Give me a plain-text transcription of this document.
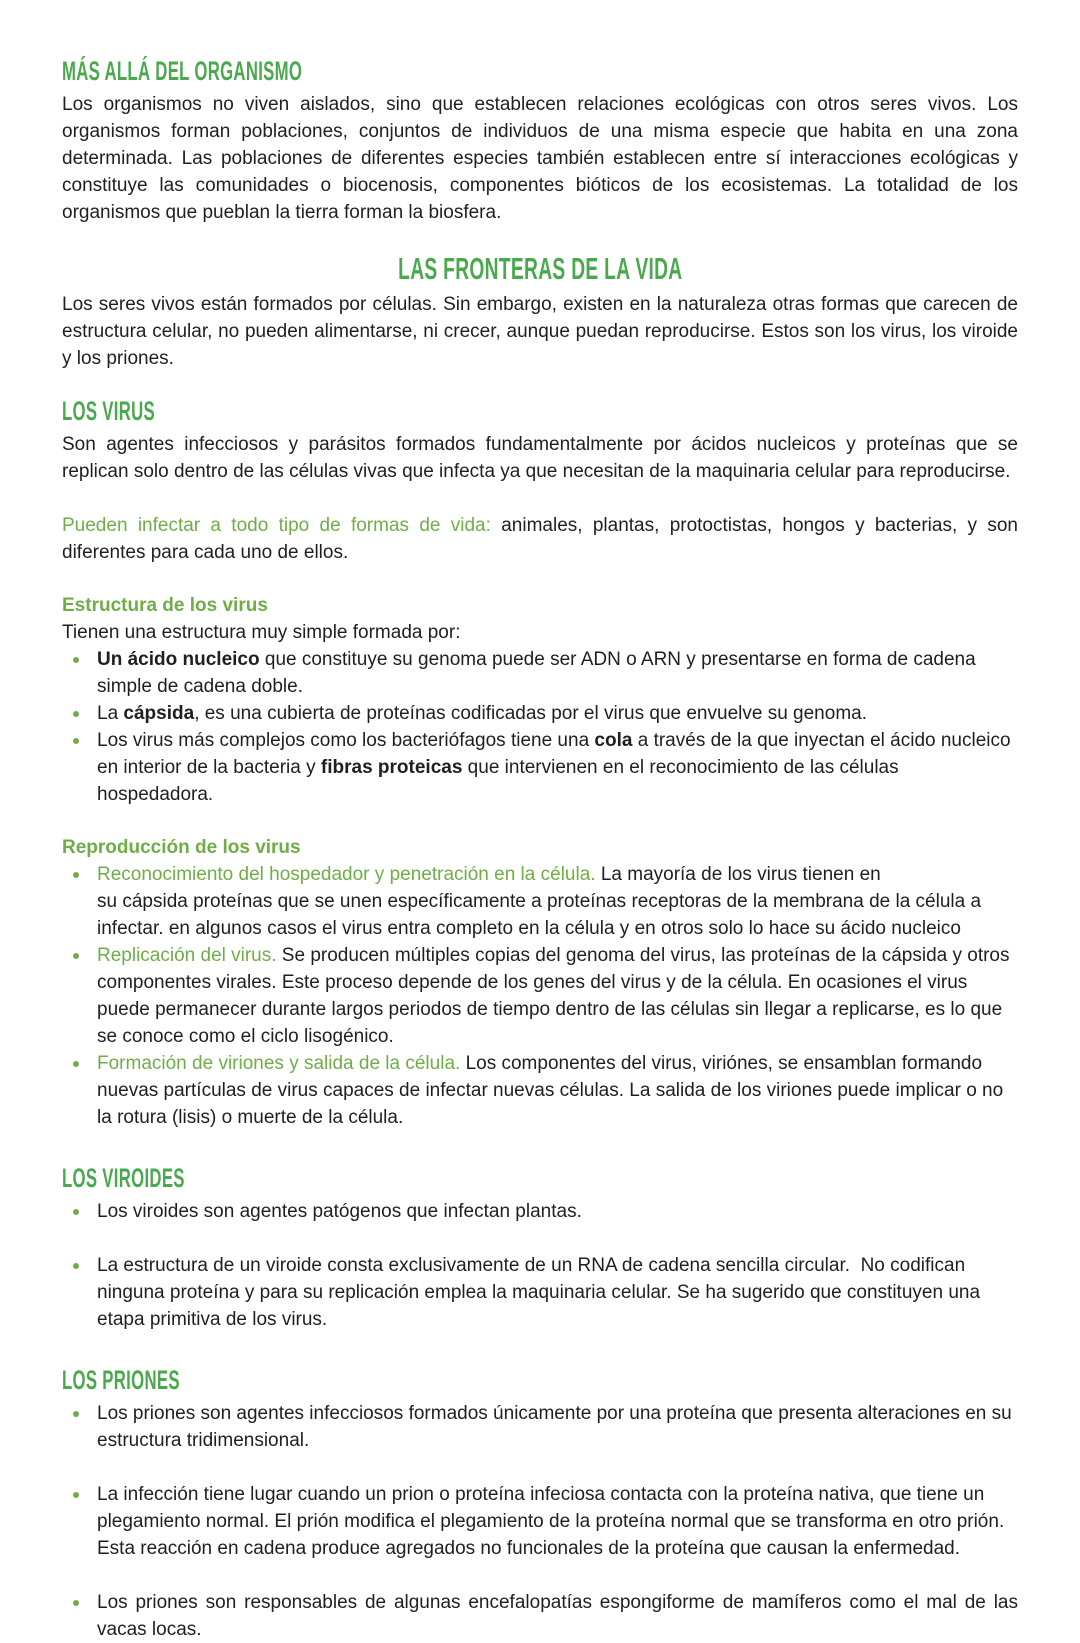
MÁS ALLÁ DEL ORGANISMO

Los organismos no viven aislados, sino que establecen relaciones ecológicas con otros seres vivos. Los organismos forman poblaciones, conjuntos de individuos de una misma especie que habita en una zona determinada. Las poblaciones de diferentes especies también establecen entre sí interacciones ecológicas y constituye las comunidades o biocenosis, componentes bióticos de los ecosistemas. La totalidad de los organismos que pueblan la tierra forman la biosfera.

LAS FRONTERAS DE LA VIDA

Los seres vivos están formados por células. Sin embargo, existen en la naturaleza otras formas que carecen de estructura celular, no pueden alimentarse, ni crecer, aunque puedan reproducirse. Estos son los virus, los viroide y los priones.

LOS VIRUS

Son agentes infecciosos y parásitos formados fundamentalmente por ácidos nucleicos y proteínas que se replican solo dentro de las células vivas que infecta ya que necesitan de la maquinaria celular para reproducirse.

Pueden infectar a todo tipo de formas de vida: animales, plantas, protoctistas, hongos y bacterias, y son diferentes para cada uno de ellos.

Estructura de los virus

Tienen una estructura muy simple formada por:

Un ácido nucleico que constituye su genoma puede ser ADN o ARN y presentarse en forma de cadena simple de cadena doble.
La cápsida, es una cubierta de proteínas codificadas por el virus que envuelve su genoma.
Los virus más complejos como los bacteriófagos tiene una cola a través de la que inyectan el ácido nucleico en interior de la bacteria y fibras proteicas que intervienen en el reconocimiento de las células hospedadora.
Reproducción de los virus
Reconocimiento del hospedador y penetración en la célula. La mayoría de los virus tienen en
su cápsida proteínas que se unen específicamente a proteínas receptoras de la membrana de la célula a infectar. en algunos casos el virus entra completo en la célula y en otros solo lo hace su ácido nucleico
Replicación del virus. Se producen múltiples copias del genoma del virus, las proteínas de la cápsida y otros componentes virales. Este proceso depende de los genes del virus y de la célula. En ocasiones el virus puede permanecer durante largos periodos de tiempo dentro de las células sin llegar a replicarse, es lo que se conoce como el ciclo lisogénico.
Formación de viriones y salida de la célula. Los componentes del virus, viriónes, se ensamblan formando nuevas partículas de virus capaces de infectar nuevas células. La salida de los viriones puede implicar o no la rotura (lisis) o muerte de la célula.
LOS VIROIDES
Los viroides son agentes patógenos que infectan plantas.
La estructura de un viroide consta exclusivamente de un RNA de cadena sencilla circular.  No codifican ninguna proteína y para su replicación emplea la maquinaria celular. Se ha sugerido que constituyen una etapa primitiva de los virus.
LOS PRIONES
Los priones son agentes infecciosos formados únicamente por una proteína que presenta alteraciones en su estructura tridimensional.
La infección tiene lugar cuando un prion o proteína infeciosa contacta con la proteína nativa, que tiene un plegamiento normal. El prión modifica el plegamiento de la proteína normal que se transforma en otro prión. Esta reacción en cadena produce agregados no funcionales de la proteína que causan la enfermedad.
Los priones son responsables de algunas encefalopatías espongiforme de mamíferos como el mal de las vacas locas.
